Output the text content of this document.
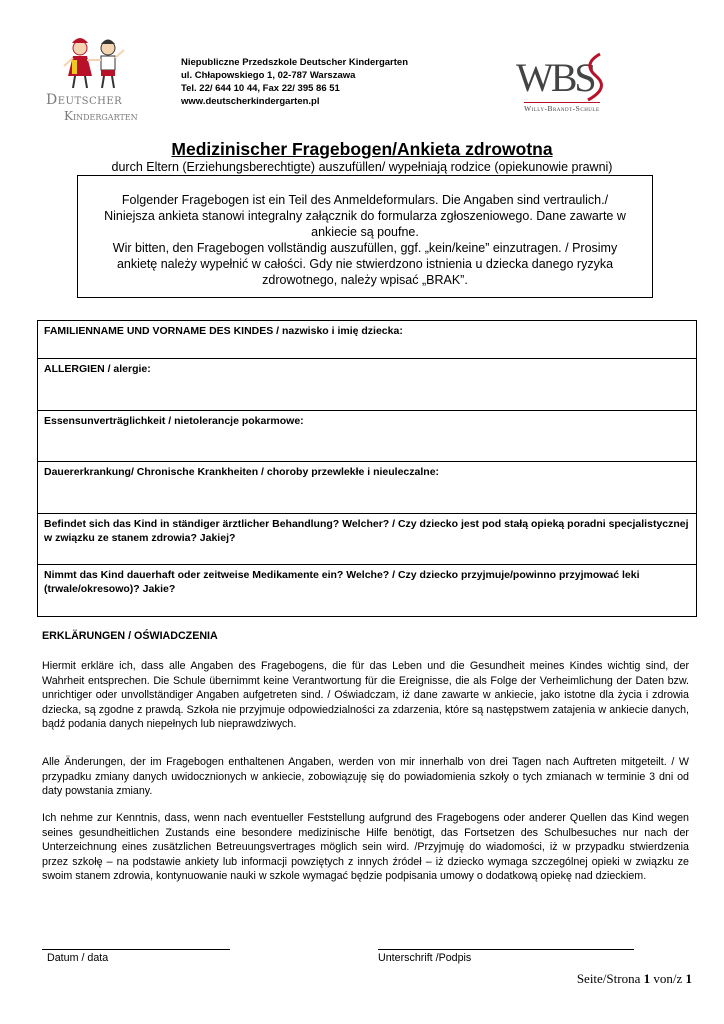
Deutscher
Kindergarten
Niepubliczne Przedszkole Deutscher Kindergarten
ul. Chłapowskiego 1, 02-787 Warszawa
Tel. 22/ 644 10 44, Fax 22/ 395 86 51
www.deutscherkindergarten.pl
WBS
Willy-Brandt-Schule
Medizinischer Fragebogen/Ankieta zdrowotna
durch Eltern (Erziehungsberechtigte) auszufüllen/ wypełniają rodzice (opiekunowie prawni)
Folgender Fragebogen ist ein Teil des Anmeldeformulars. Die Angaben sind vertraulich./
Niniejsza ankieta stanowi integralny załącznik do formularza zgłoszeniowego. Dane zawarte w
ankiecie są poufne.
Wir bitten, den Fragebogen vollständig auszufüllen, ggf. „kein/keine” einzutragen. / Prosimy
ankietę należy wypełnić w całości. Gdy nie stwierdzono istnienia u dziecka danego ryzyka
zdrowotnego, należy wpisać „BRAK”.
FAMILIENNAME UND VORNAME DES KINDES / nazwisko i imię dziecka:
ALLERGIEN / alergie:
Essensunverträglichkeit / nietolerancje pokarmowe:
Dauererkrankung/ Chronische Krankheiten / choroby przewlekłe i nieuleczalne:
Befindet sich das Kind in ständiger ärztlicher Behandlung? Welcher? / Czy dziecko jest pod stałą opieką poradni specjalistycznej w związku ze stanem zdrowia? Jakiej?
Nimmt das Kind dauerhaft oder zeitweise Medikamente ein? Welche? / Czy dziecko przyjmuje/powinno przyjmować leki (trwale/okresowo)? Jakie?
ERKLÄRUNGEN / OŚWIADCZENIA
Hiermit erkläre ich, dass alle Angaben des Fragebogens, die für das Leben und die Gesundheit meines Kindes wichtig sind, der Wahrheit entsprechen. Die Schule übernimmt keine Verantwortung für die Ereignisse, die als Folge der Verheimlichung der Daten bzw. unrichtiger oder unvollständiger Angaben aufgetreten sind. / Oświadczam, iż dane zawarte w ankiecie, jako istotne dla życia i zdrowia dziecka, są zgodne z prawdą. Szkoła nie przyjmuje odpowiedzialności za zdarzenia, które są następstwem zatajenia w ankiecie danych, bądź podania danych niepełnych lub nieprawdziwych.
Alle Änderungen, der im Fragebogen enthaltenen Angaben, werden von mir innerhalb von drei Tagen nach Auftreten mitgeteilt. / W przypadku zmiany danych uwidocznionych w ankiecie, zobowiązuję się do powiadomienia szkoły o tych zmianach w terminie 3 dni od daty powstania zmiany.
Ich nehme zur Kenntnis, dass, wenn nach eventueller Feststellung aufgrund des Fragebogens oder anderer Quellen das Kind wegen seines gesundheitlichen Zustands eine besondere medizinische Hilfe benötigt, das Fortsetzen des Schulbesuches nur nach der Unterzeichnung eines zusätzlichen Betreuungsvertrages möglich sein wird. /Przyjmuję do wiadomości, iż w przypadku stwierdzenia przez szkołę – na podstawie ankiety lub informacji powziętych z innych źródeł – iż dziecko wymaga szczególnej opieki w związku ze swoim stanem zdrowia, kontynuowanie nauki w szkole wymagać będzie podpisania umowy o dodatkową opiekę nad dzieckiem.
Datum / data	Unterschrift /Podpis
Seite/Strona 1 von/z 1
